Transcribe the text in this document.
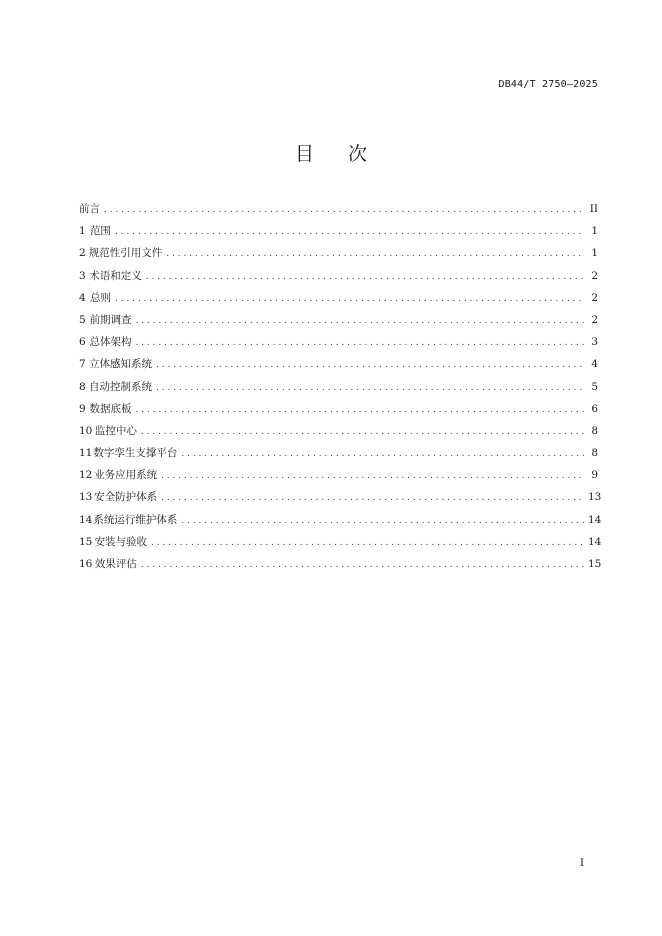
DB44/T 2750—2025
目次
前言 . . .	II
1 范围 . . .	1
2 规范性引用文件 . . .	1
3 术语和定义 . . .	2
4 总则 . . .	2
5 前期调查 . . .	2
6 总体架构 . . .	3
7 立体感知系统 . . .	4
8 自动控制系统 . . .	5
9 数据底板 . . .	6
10 监控中心 . . .	8
11 数字孪生支撑平台 . . .	8
12 业务应用系统 . . .	9
13 安全防护体系 . . .	13
14 系统运行维护体系 . . .	14
15 安装与验收 . . .	14
16 效果评估 . . .	15
I
